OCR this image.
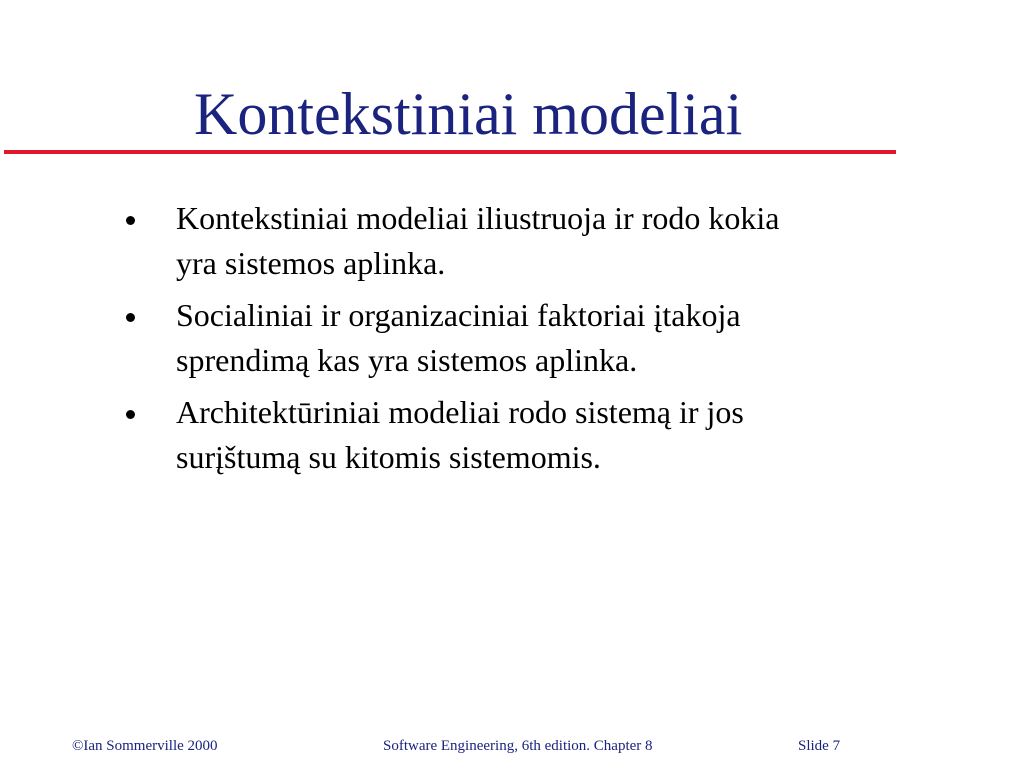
Kontekstiniai modeliai
Kontekstiniai modeliai iliustruoja ir rodo kokia
yra sistemos aplinka.
Socialiniai ir organizaciniai faktoriai įtakoja
sprendimą kas yra sistemos aplinka.
Architektūriniai modeliai rodo sistemą ir jos
surįštumą su kitomis sistemomis.
©Ian Sommerville 2000	Software Engineering, 6th edition. Chapter 8	Slide 7
